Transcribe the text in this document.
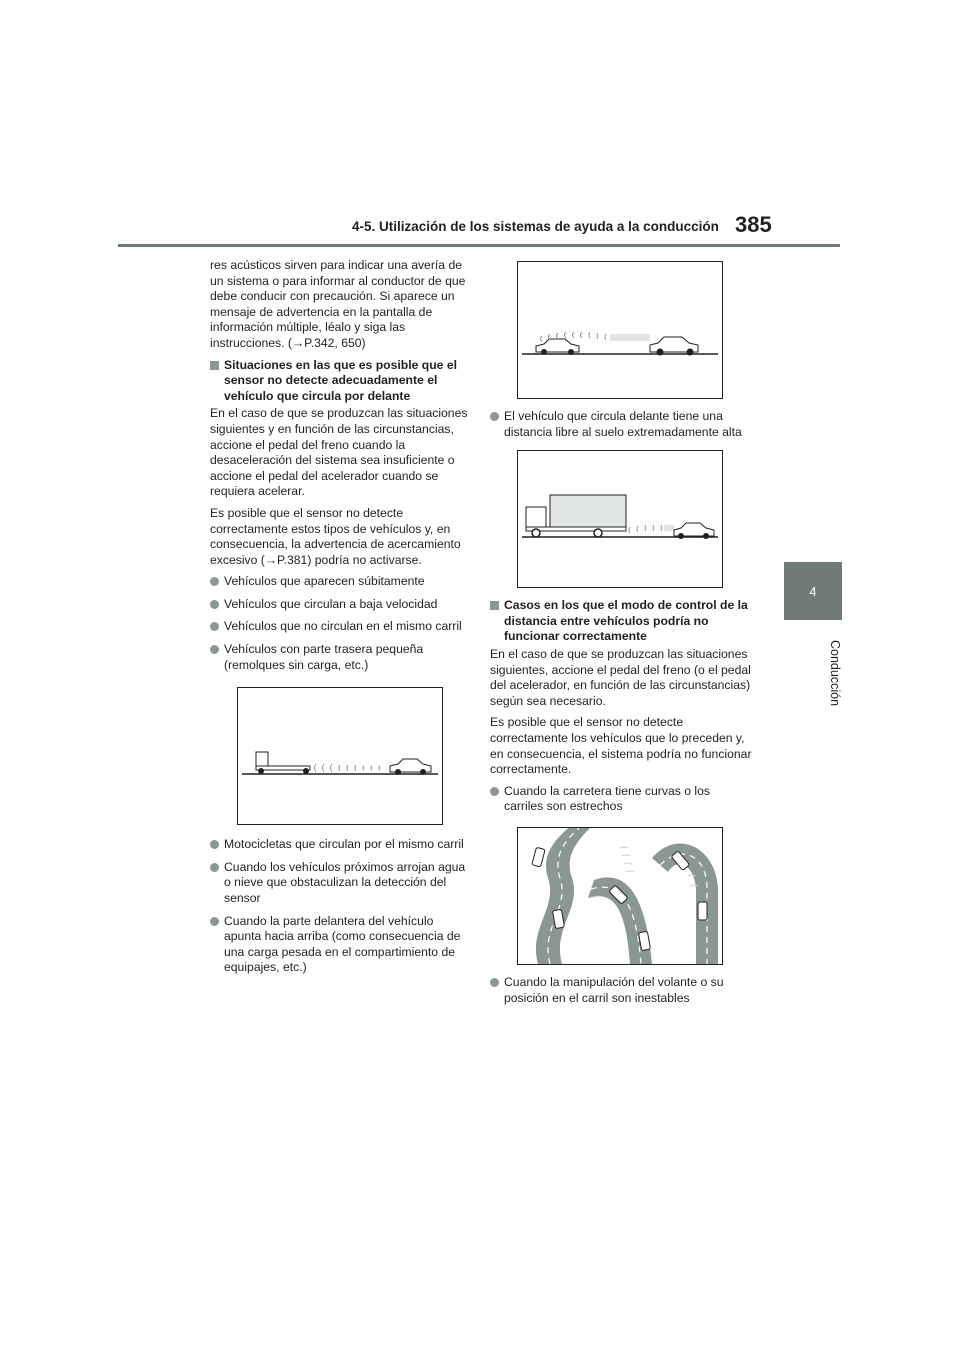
4-5. Utilización de los sistemas de ayuda a la conducción 385
4
Conducción

res acústicos sirven para indicar una avería de un sistema o para informar al conductor de que debe conducir con precaución. Si aparece un mensaje de advertencia en la pantalla de información múltiple, léalo y siga las instrucciones. (→P.342, 650)

Situaciones en las que es posible que el sensor no detecte adecuadamente el vehículo que circula por delante

En el caso de que se produzcan las situaciones siguientes y en función de las circunstancias, accione el pedal del freno cuando la desaceleración del sistema sea insuficiente o accione el pedal del acelerador cuando se requiera acelerar.

Es posible que el sensor no detecte correctamente estos tipos de vehículos y, en consecuencia, la advertencia de acercamiento excesivo (→P.381) podría no activarse.

Vehículos que aparecen súbitamente
Vehículos que circulan a baja velocidad
Vehículos que no circulan en el mismo carril
Vehículos con parte trasera pequeña (remolques sin carga, etc.)
Motocicletas que circulan por el mismo carril
Cuando los vehículos próximos arrojan agua o nieve que obstaculizan la detección del sensor
Cuando la parte delantera del vehículo apunta hacia arriba (como consecuencia de una carga pesada en el compartimiento de equipajes, etc.)
El vehículo que circula delante tiene una distancia libre al suelo extremadamente alta
Casos en los que el modo de control de la distancia entre vehículos podría no funcionar correctamente

En el caso de que se produzcan las situaciones siguientes, accione el pedal del freno (o el pedal del acelerador, en función de las circunstancias) según sea necesario.

Es posible que el sensor no detecte correctamente los vehículos que lo preceden y, en consecuencia, el sistema podría no funcionar correctamente.

Cuando la carretera tiene curvas o los carriles son estrechos
Cuando la manipulación del volante o su posición en el carril son inestables
